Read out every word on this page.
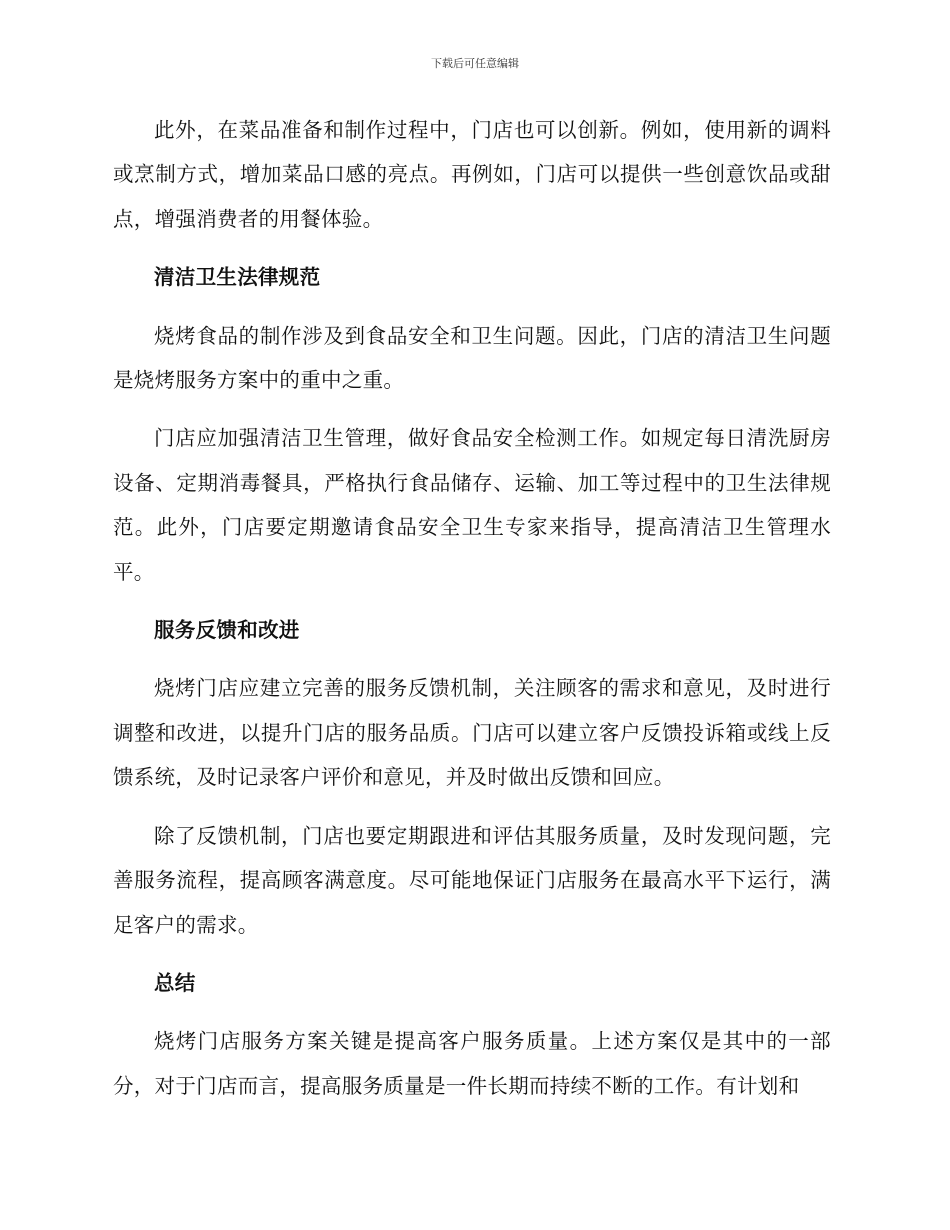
下载后可任意编辑

此外，在菜品准备和制作过程中，门店也可以创新。例如，使用新的调料或烹制方式，增加菜品口感的亮点。再例如，门店可以提供一些创意饮品或甜点，增强消费者的用餐体验。

清洁卫生法律规范

烧烤食品的制作涉及到食品安全和卫生问题。因此，门店的清洁卫生问题是烧烤服务方案中的重中之重。

门店应加强清洁卫生管理，做好食品安全检测工作。如规定每日清洗厨房设备、定期消毒餐具，严格执行食品储存、运输、加工等过程中的卫生法律规范。此外，门店要定期邀请食品安全卫生专家来指导，提高清洁卫生管理水平。

服务反馈和改进

烧烤门店应建立完善的服务反馈机制，关注顾客的需求和意见，及时进行调整和改进，以提升门店的服务品质。门店可以建立客户反馈投诉箱或线上反馈系统，及时记录客户评价和意见，并及时做出反馈和回应。

除了反馈机制，门店也要定期跟进和评估其服务质量，及时发现问题，完善服务流程，提高顾客满意度。尽可能地保证门店服务在最高水平下运行，满足客户的需求。

总结

烧烤门店服务方案关键是提高客户服务质量。上述方案仅是其中的一部分，对于门店而言，提高服务质量是一件长期而持续不断的工作。有计划和
